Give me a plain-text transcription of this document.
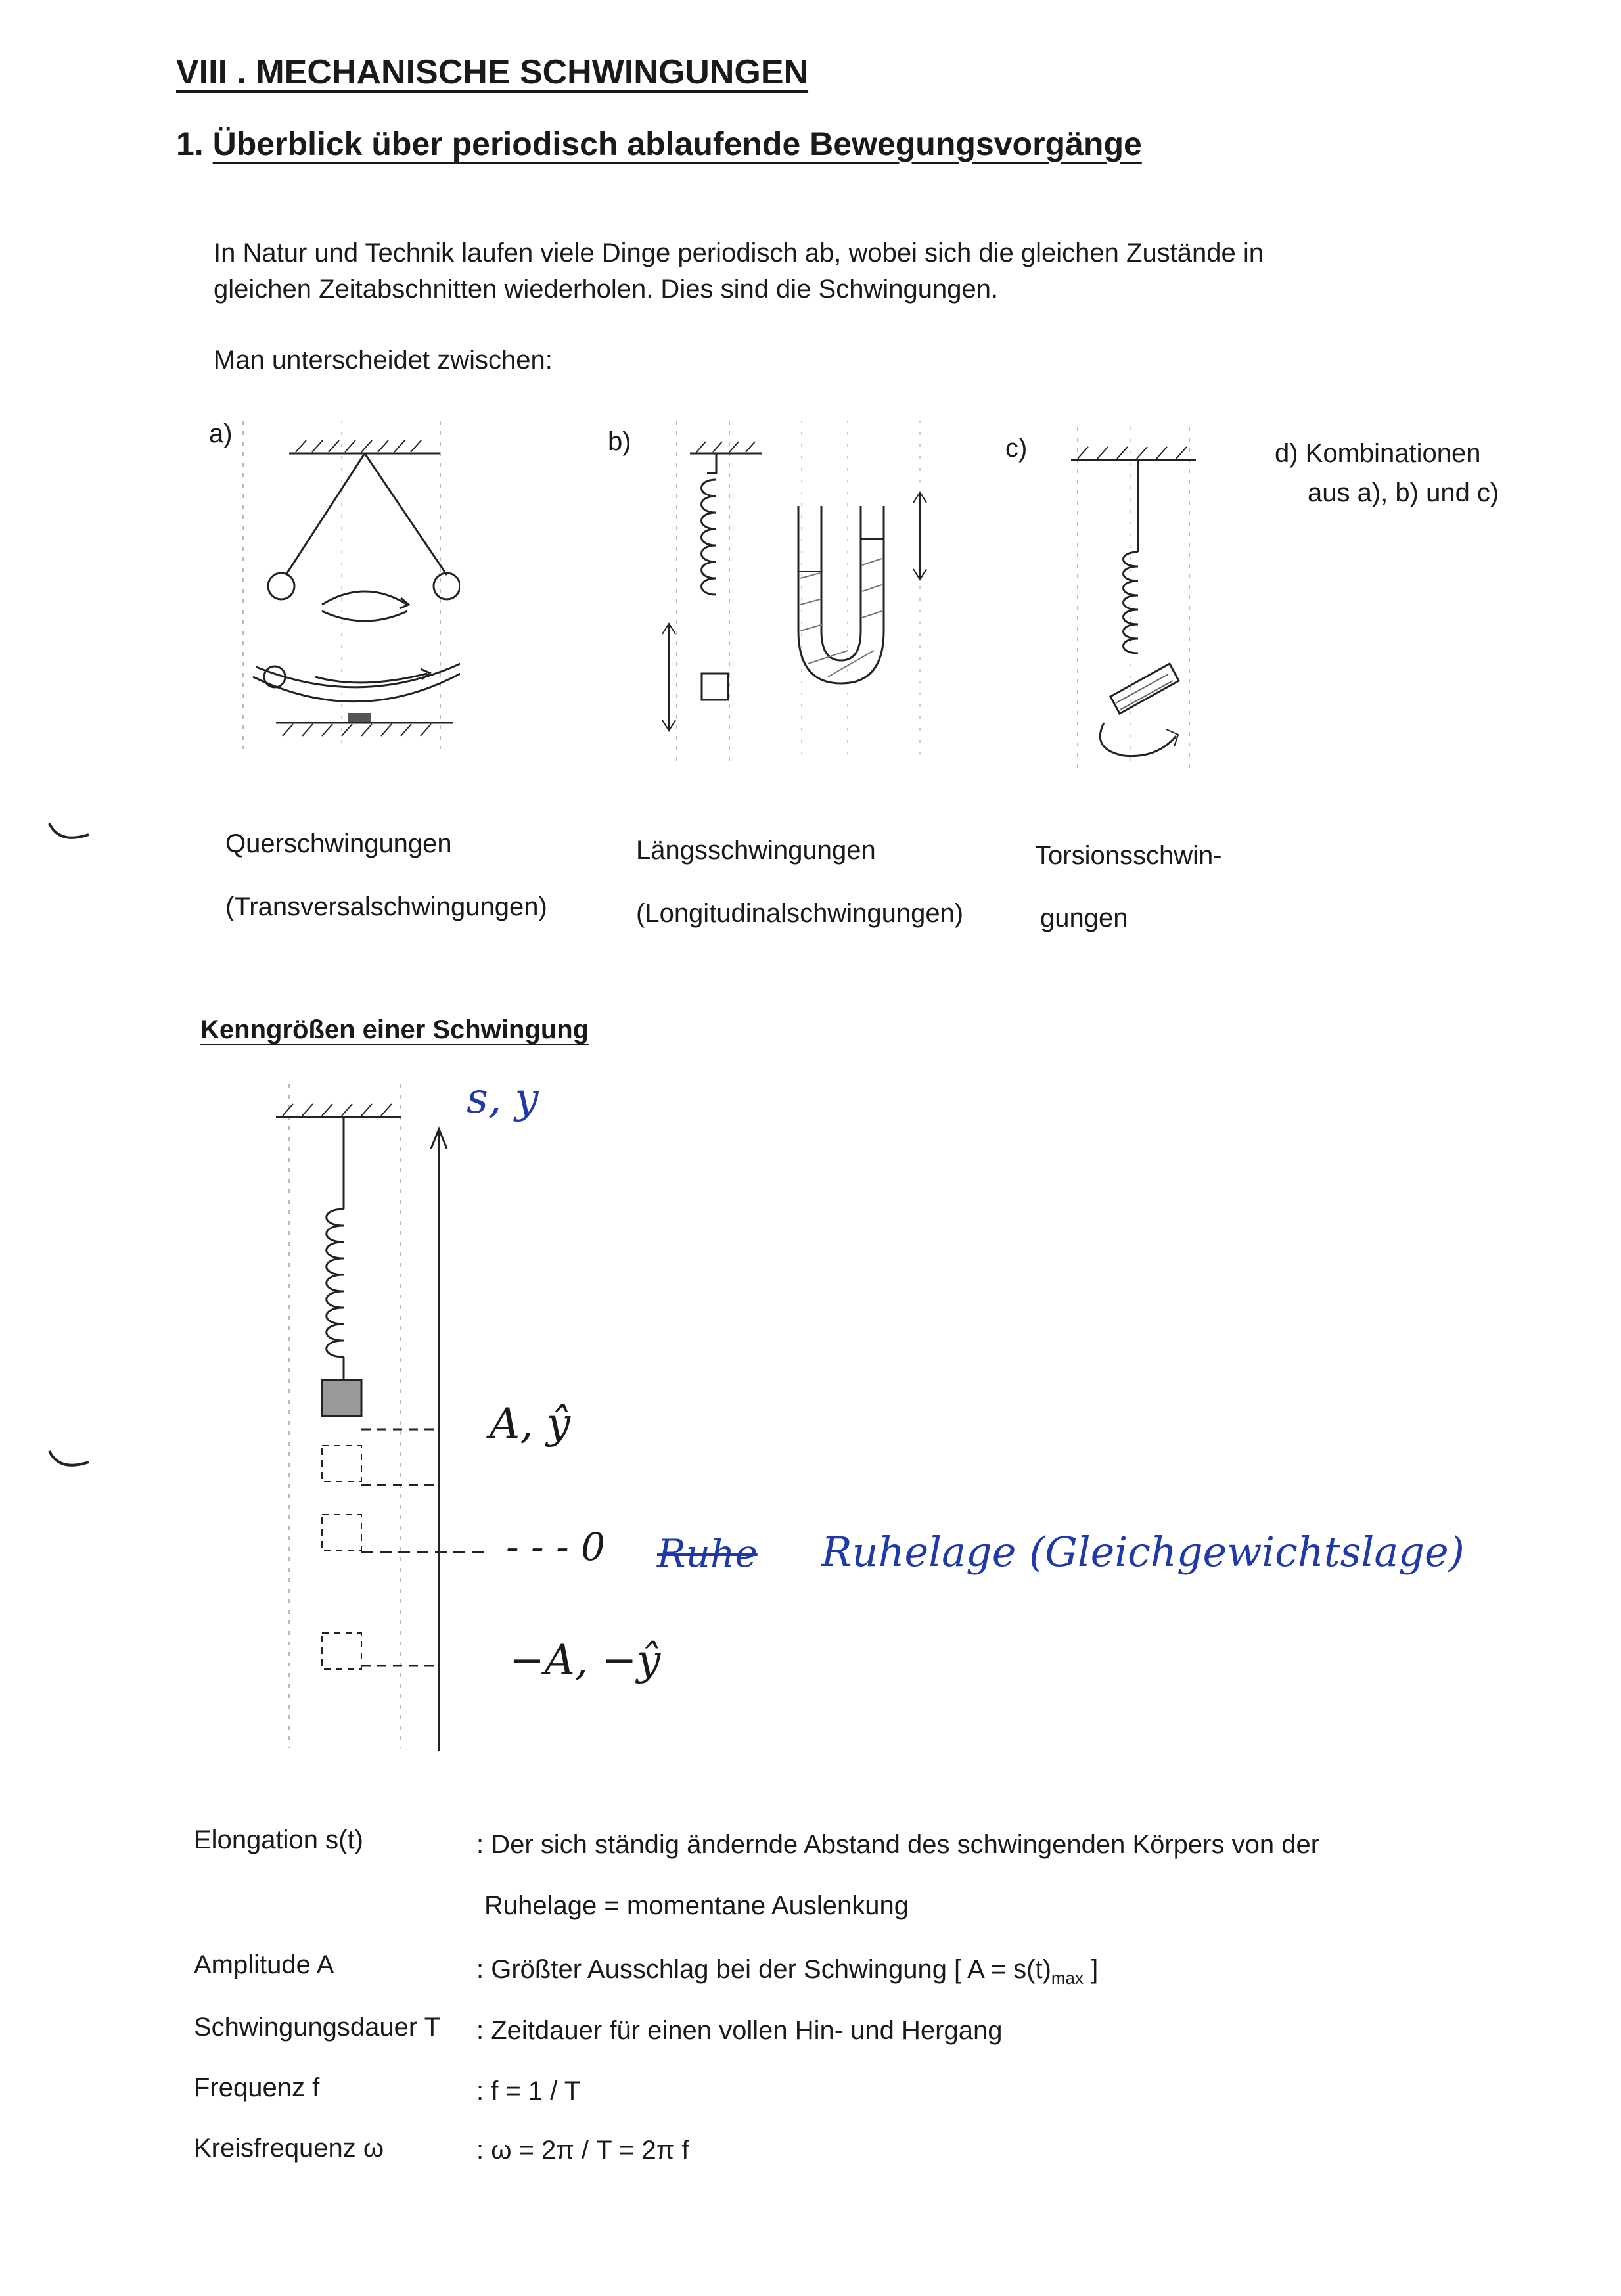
VIII . MECHANISCHE SCHWINGUNGEN
1. Überblick über periodisch ablaufende Bewegungsvorgänge
In Natur und Technik laufen viele Dinge periodisch ab, wobei sich die gleichen Zustände in
gleichen Zeitabschnitten wiederholen. Dies sind die Schwingungen.
Man unterscheidet zwischen:
a)	b)	c)	d) Kombinationen
aus a), b) und c)
Querschwingungen
(Transversalschwingungen)
Längsschwingungen
(Longitudinalschwingungen)
Torsionsschwin-
gungen
Kenngrößen einer Schwingung
s, y
A, ŷ
- - - 0 Ruhe Ruhelage (Gleichgewichtslage)
−A, −ŷ
Elongation s(t)	: Der sich ständig ändernde Abstand des schwingenden Körpers von der
Ruhelage = momentane Auslenkung
Amplitude A	: Größter Ausschlag bei der Schwingung [ $A = s(t)_{max}$ ]
Schwingungsdauer T : Zeitdauer für einen vollen Hin- und Hergang
Frequenz f	: f = 1 / T
Kreisfrequenz ω	: ω = 2π / T = 2π f
